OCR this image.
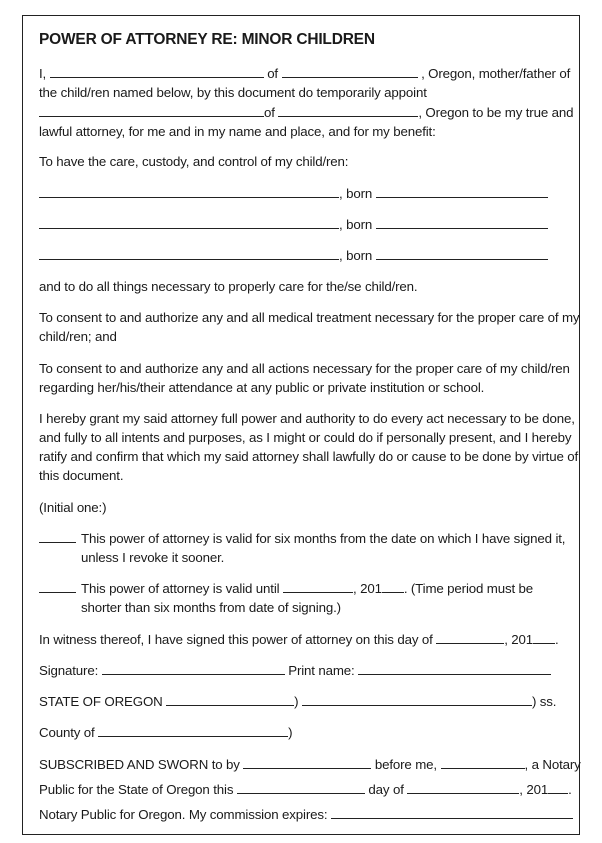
POWER OF ATTORNEY RE: MINOR CHILDREN
I,	of	, Oregon, mother/father of
the child/ren named below, by this document do temporarily appoint
of	, Oregon to be my true and
lawful attorney, for me and in my name and place, and for my benefit:
To have the care, custody, and control of my child/ren:
, born
, born
, born
and to do all things necessary to properly care for the/se child/ren.
To consent to and authorize any and all medical treatment necessary for the proper care of my
child/ren; and
To consent to and authorize any and all actions necessary for the proper care of my child/ren
regarding her/his/their attendance at any public or private institution or school.
I hereby grant my said attorney full power and authority to do every act necessary to be done,
and fully to all intents and purposes, as I might or could do if personally present, and I hereby
ratify and confirm that which my said attorney shall lawfully do or cause to be done by virtue of
this document.
(Initial one:)
This power of attorney is valid for six months from the date on which I have signed it,
unless I revoke it sooner.
This power of attorney is valid until	, 201 . (Time period must be
shorter than six months from date of signing.)
In witness thereof, I have signed this power of attorney on this day of	, 201 .
Signature:	Print name:
STATE OF OREGON	)	) ss.
County of	)
SUBSCRIBED AND SWORN to by	before me,	, a Notary
Public for the State of Oregon this	day of	, 201 .
Notary Public for Oregon. My commission expires:
